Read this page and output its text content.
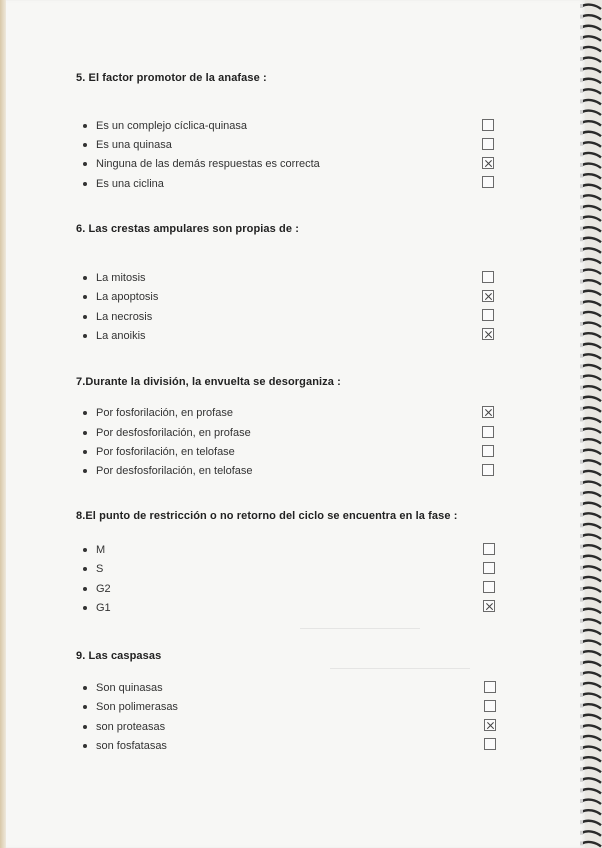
5. El factor promotor de la anafase :
6. Las crestas ampulares son propias de :
7.Durante la división, la envuelta se desorganiza :
8.El punto de restricción o no retorno del ciclo se encuentra en la fase :
9. Las caspasas
Es un complejo cíclica-quinasa
Es una quinasa
Ninguna de las demás respuestas es correcta
Es una ciclina
La mitosis
La apoptosis
La necrosis
La anoikis
Por fosforilación, en profase
Por desfosforilación, en profase
Por fosforilación, en telofase
Por desfosforilación, en telofase
M
S
G2
G1
Son quinasas
Son polimerasas
son proteasas
son fosfatasas
